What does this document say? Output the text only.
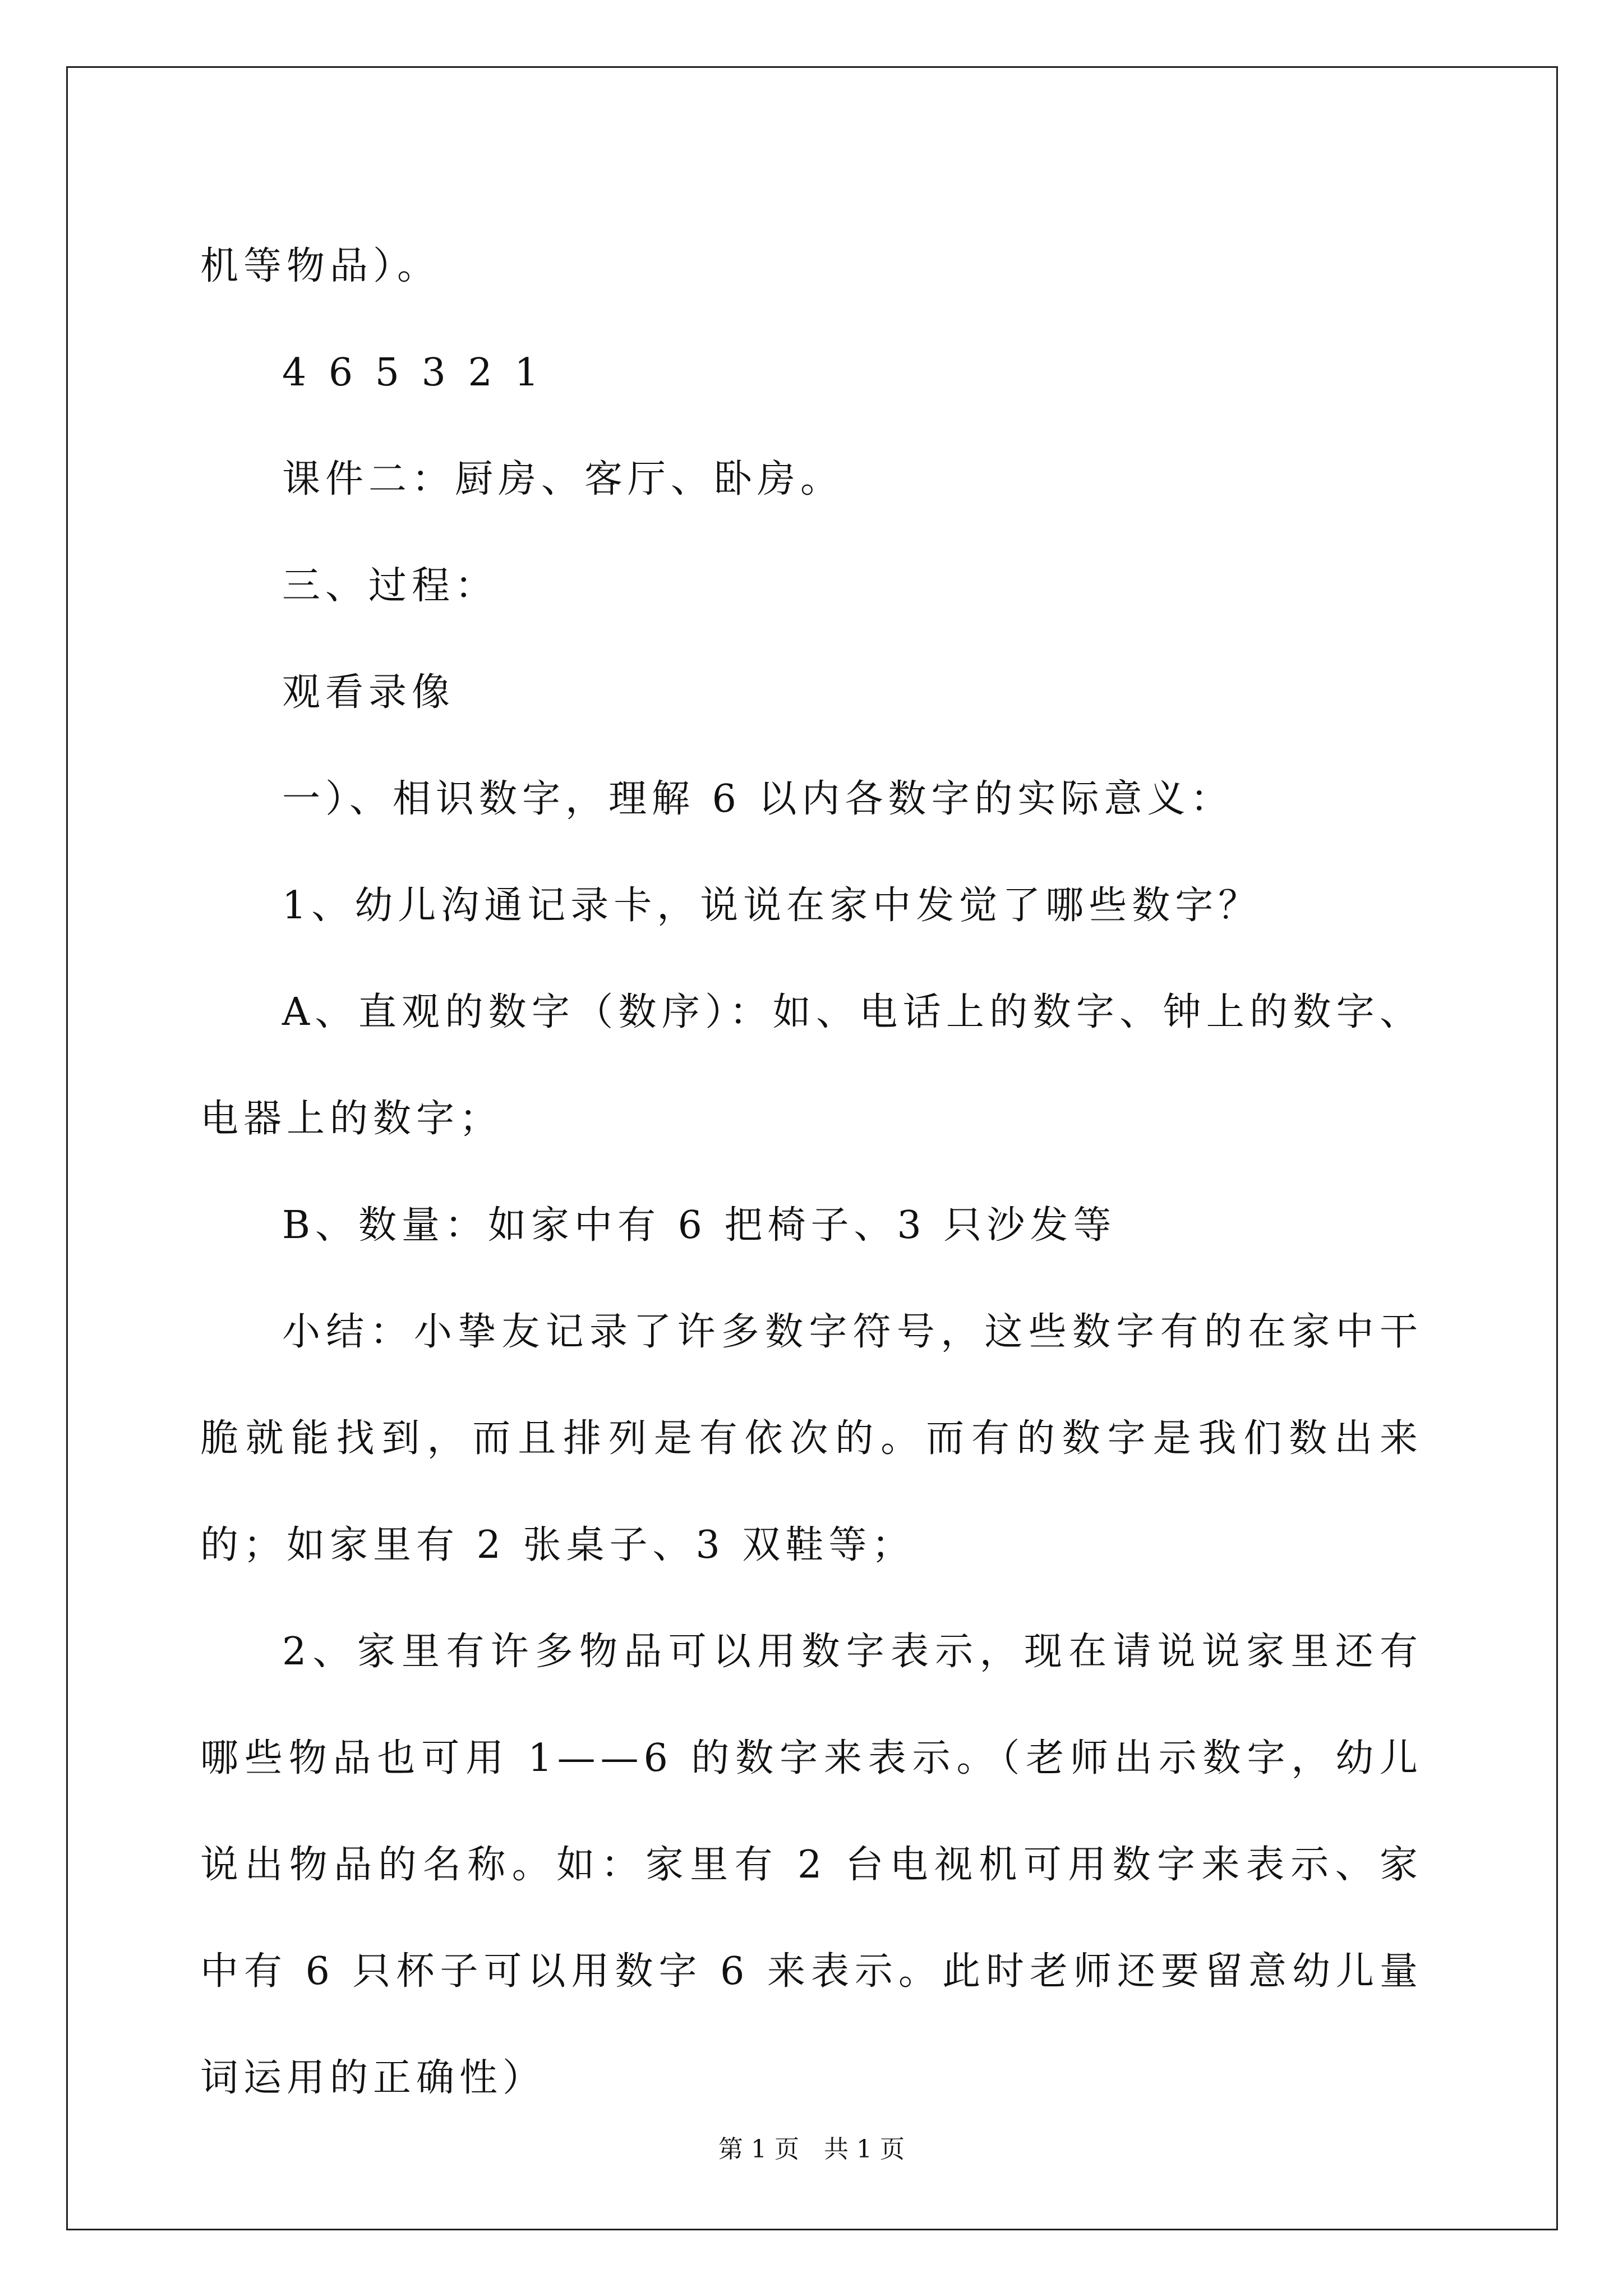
机等物品）。

4 6 5 3 2 1

课件二：厨房、客厅、卧房。

三、过程：

观看录像

一）、相识数字，理解 6 以内各数字的实际意义：

1、幼儿沟通记录卡，说说在家中发觉了哪些数字？

A、直观的数字（数序）：如、电话上的数字、钟上的数字、电器上的数字；

B、数量：如家中有 6 把椅子、3 只沙发等

小结：小挚友记录了许多数字符号，这些数字有的在家中干脆就能找到，而且排列是有依次的。而有的数字是我们数出来的；如家里有 2 张桌子、3 双鞋等；

2、家里有许多物品可以用数字表示，现在请说说家里还有哪些物品也可用 1——6 的数字来表示。（老师出示数字，幼儿说出物品的名称。如：家里有 2 台电视机可用数字来表示、家中有 6 只杯子可以用数字 6 来表示。此时老师还要留意幼儿量词运用的正确性）

第 1 页　共 1 页
